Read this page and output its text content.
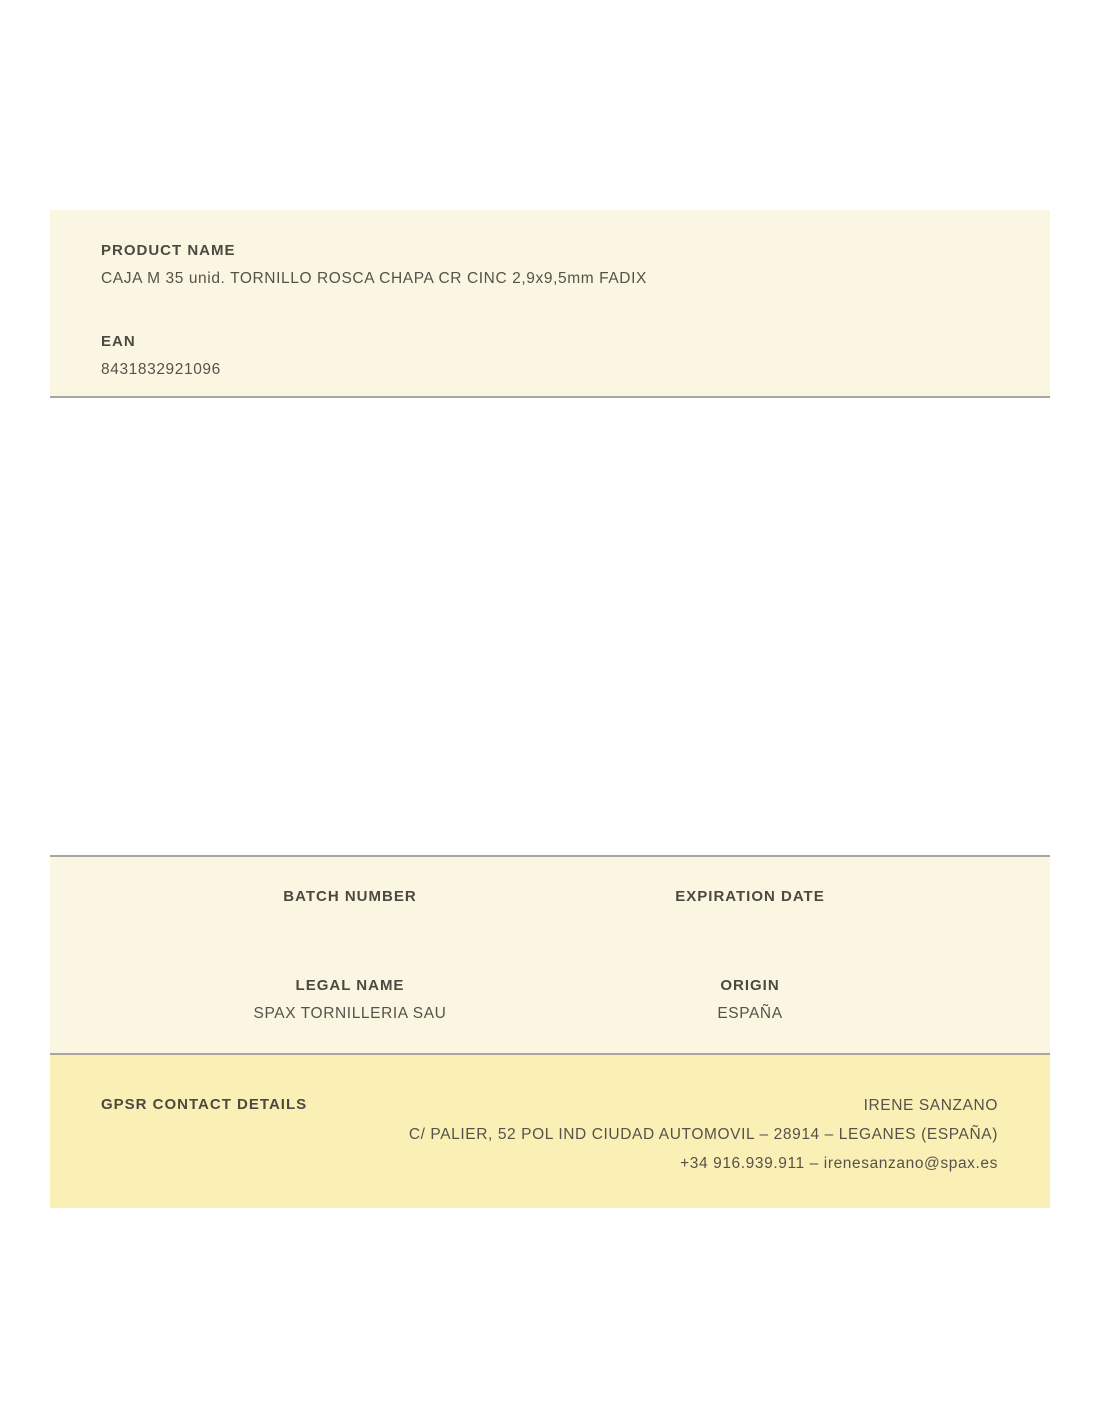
PRODUCT NAME
CAJA M 35 unid. TORNILLO ROSCA CHAPA CR CINC 2,9x9,5mm FADIX
EAN
8431832921096
BATCH NUMBER	EXPIRATION DATE
LEGAL NAME
SPAX TORNILLERIA SAU
ORIGIN
ESPAÑA
GPSR CONTACT DETAILS	IRENE SANZANO
C/ PALIER, 52 POL IND CIUDAD AUTOMOVIL – 28914 – LEGANES (ESPAÑA)
+34 916.939.911 – irenesanzano@spax.es
